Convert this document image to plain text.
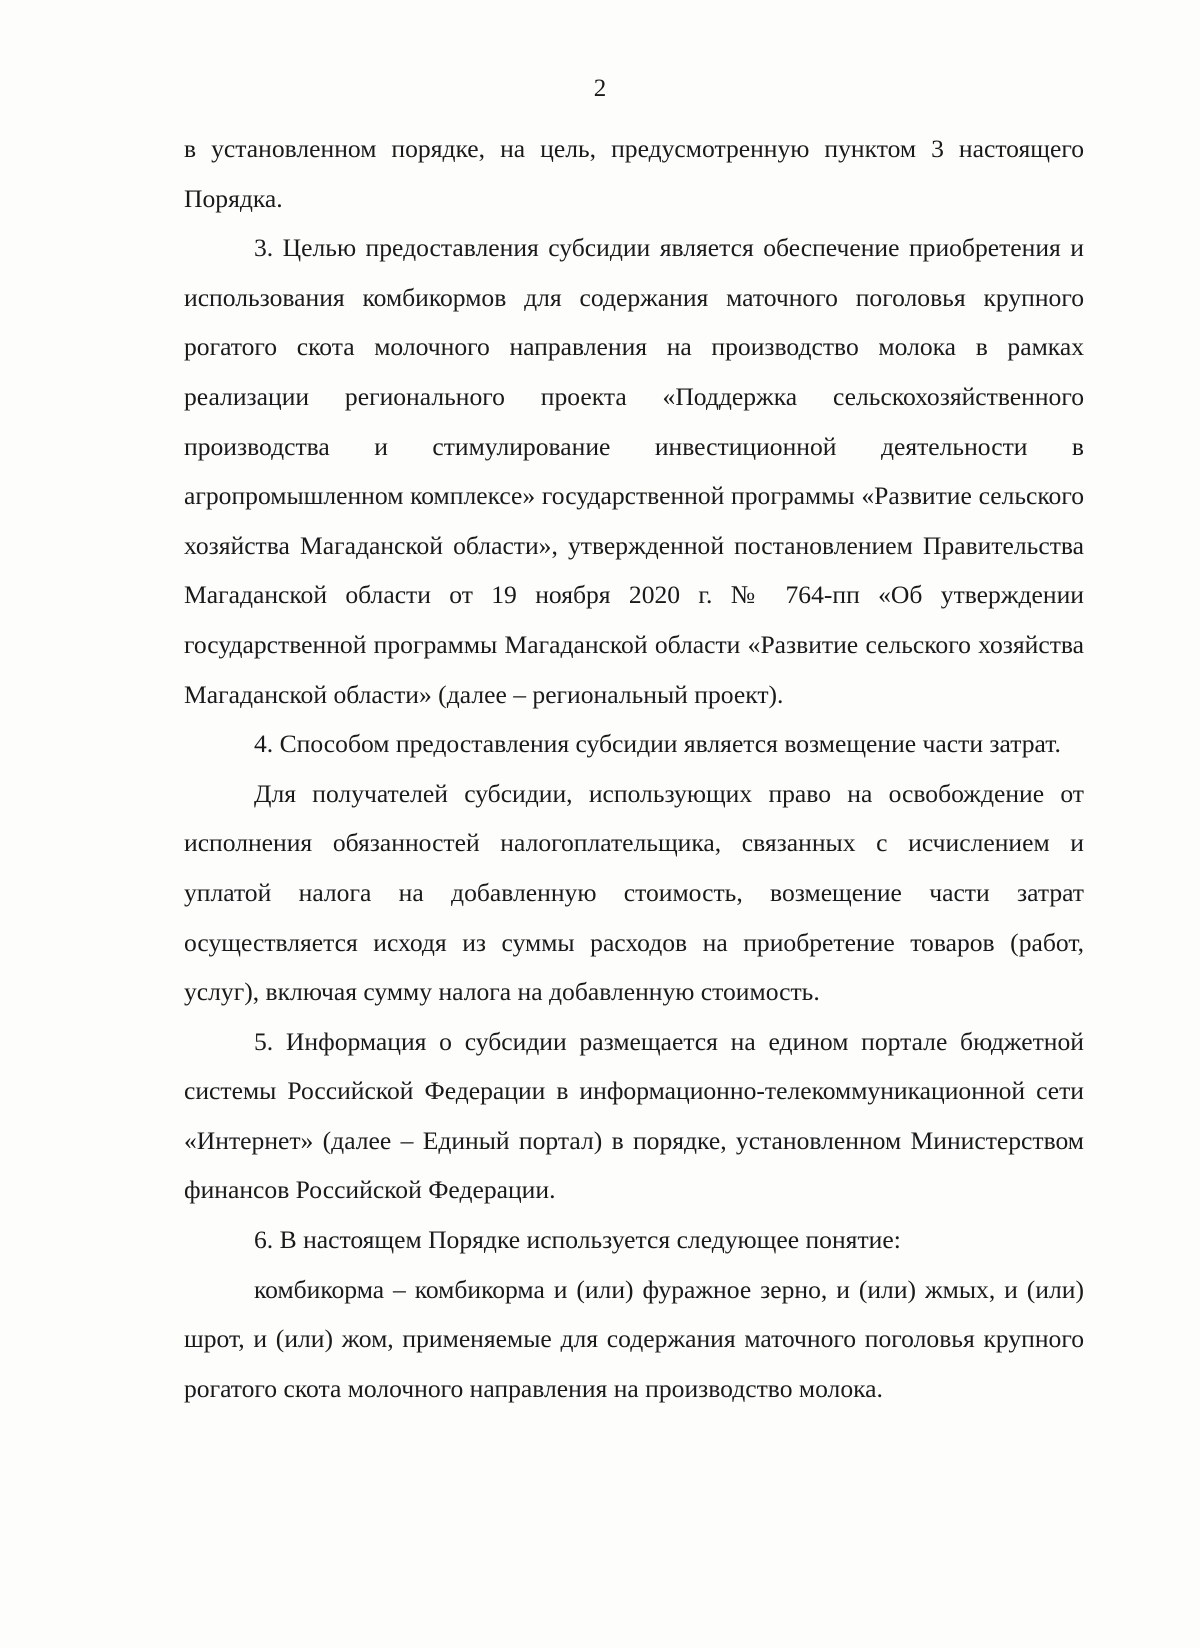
2

в установленном порядке, на цель, предусмотренную пунктом 3 настоящего Порядка.

3. Целью предоставления субсидии является обеспечение приобретения и использования комбикормов для содержания маточного поголовья крупного рогатого скота молочного направления на производство молока в рамках реализации регионального проекта «Поддержка сельскохозяйственного производства и стимулирование инвестиционной деятельности в агропромышленном комплексе» государственной программы «Развитие сельского хозяйства Магаданской области», утвержденной постановлением Правительства Магаданской области от 19 ноября 2020 г. № 764-пп «Об утверждении государственной программы Магаданской области «Развитие сельского хозяйства Магаданской области» (далее – региональный проект).

4. Способом предоставления субсидии является возмещение части затрат.

Для получателей субсидии, использующих право на освобождение от исполнения обязанностей налогоплательщика, связанных с исчислением и уплатой налога на добавленную стоимость, возмещение части затрат осуществляется исходя из суммы расходов на приобретение товаров (работ, услуг), включая сумму налога на добавленную стоимость.

5. Информация о субсидии размещается на едином портале бюджетной системы Российской Федерации в информационно-телекоммуникационной сети «Интернет» (далее – Единый портал) в порядке, установленном Министерством финансов Российской Федерации.

6. В настоящем Порядке используется следующее понятие:

комбикорма – комбикорма и (или) фуражное зерно, и (или) жмых, и (или) шрот, и (или) жом, применяемые для содержания маточного поголовья крупного рогатого скота молочного направления на производство молока.
